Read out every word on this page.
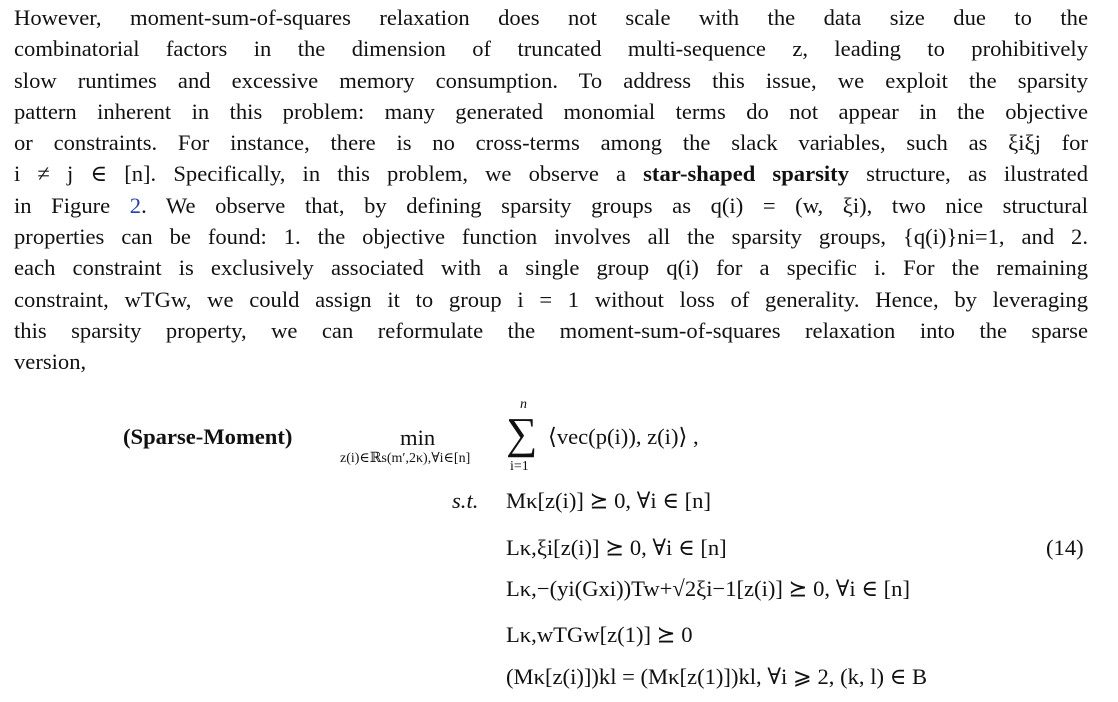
However, moment-sum-of-squares relaxation does not scale with the data size due to the
combinatorial factors in the dimension of truncated multi-sequence z, leading to prohibitively
slow runtimes and excessive memory consumption. To address this issue, we exploit the sparsity
pattern inherent in this problem: many generated monomial terms do not appear in the objective
or constraints. For instance, there is no cross-terms among the slack variables, such as ξiξj for
i ≠ j ∈ [n]. Specifically, in this problem, we observe a star-shaped sparsity structure, as ilustrated
in Figure 2. We observe that, by defining sparsity groups as q(i) = (w, ξi), two nice structural
properties can be found: 1. the objective function involves all the sparsity groups, {q(i)}ni=1, and 2.
each constraint is exclusively associated with a single group q(i) for a specific i. For the remaining
constraint, wTGw, we could assign it to group i = 1 without loss of generality. Hence, by leveraging
this sparsity property, we can reformulate the moment-sum-of-squares relaxation into the sparse
version,
(Sparse-Moment)	min
z(i)∈ℝs(m′,2κ),∀i∈[n]
n
∑
i=1
⟨vec(p(i)), z(i)⟩ ,
s.t. Mκ[z(i)] ⪰ 0, ∀i ∈ [n]
Lκ,ξi[z(i)] ⪰ 0, ∀i ∈ [n]
Lκ,−(yi(Gxi))Tw+√2ξi−1[z(i)] ⪰ 0, ∀i ∈ [n]
Lκ,wTGw[z(1)] ⪰ 0
(Mκ[z(i)])kl = (Mκ[z(1)])kl, ∀i ⩾ 2, (k, l) ∈ B
(14)
